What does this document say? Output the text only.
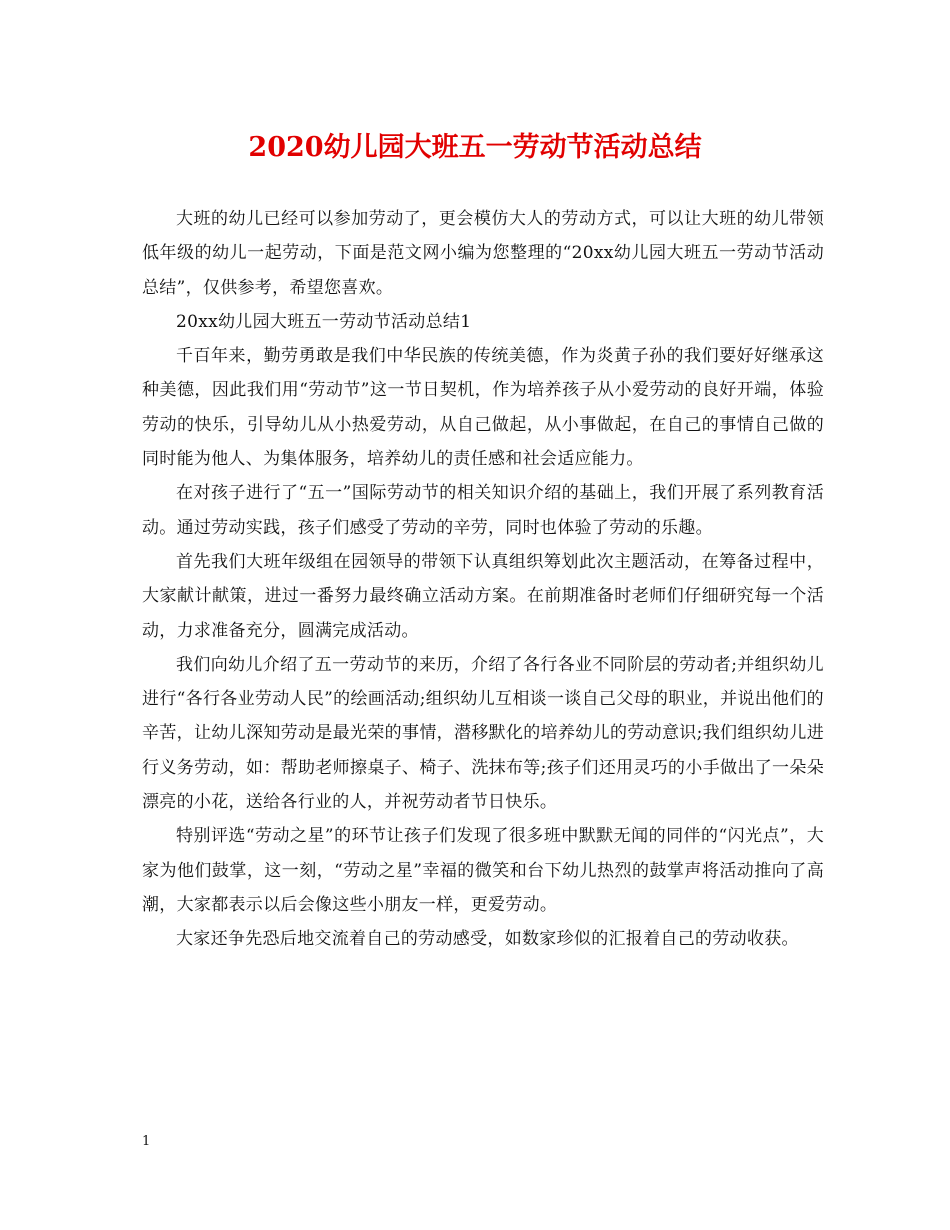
2020幼儿园大班五一劳动节活动总结

大班的幼儿已经可以参加劳动了，更会模仿大人的劳动方式，可以让大班的幼儿带领低年级的幼儿一起劳动，下面是范文网小编为您整理的“20xx幼儿园大班五一劳动节活动总结”，仅供参考，希望您喜欢。

20xx幼儿园大班五一劳动节活动总结1

千百年来，勤劳勇敢是我们中华民族的传统美德，作为炎黄子孙的我们要好好继承这种美德，因此我们用“劳动节”这一节日契机，作为培养孩子从小爱劳动的良好开端，体验劳动的快乐，引导幼儿从小热爱劳动，从自己做起，从小事做起，在自己的事情自己做的同时能为他人、为集体服务，培养幼儿的责任感和社会适应能力。

在对孩子进行了“五一”国际劳动节的相关知识介绍的基础上，我们开展了系列教育活动。通过劳动实践，孩子们感受了劳动的辛劳，同时也体验了劳动的乐趣。

首先我们大班年级组在园领导的带领下认真组织筹划此次主题活动，在筹备过程中，大家献计献策，进过一番努力最终确立活动方案。在前期准备时老师们仔细研究每一个活动，力求准备充分，圆满完成活动。

我们向幼儿介绍了五一劳动节的来历，介绍了各行各业不同阶层的劳动者;并组织幼儿进行“各行各业劳动人民”的绘画活动;组织幼儿互相谈一谈自己父母的职业，并说出他们的辛苦，让幼儿深知劳动是最光荣的事情，潜移默化的培养幼儿的劳动意识;我们组织幼儿进行义务劳动，如：帮助老师擦桌子、椅子、洗抹布等;孩子们还用灵巧的小手做出了一朵朵漂亮的小花，送给各行业的人，并祝劳动者节日快乐。

特别评选“劳动之星”的环节让孩子们发现了很多班中默默无闻的同伴的“闪光点”，大家为他们鼓掌，这一刻，“劳动之星”幸福的微笑和台下幼儿热烈的鼓掌声将活动推向了高潮，大家都表示以后会像这些小朋友一样，更爱劳动。

大家还争先恐后地交流着自己的劳动感受，如数家珍似的汇报着自己的劳动收获。

1
